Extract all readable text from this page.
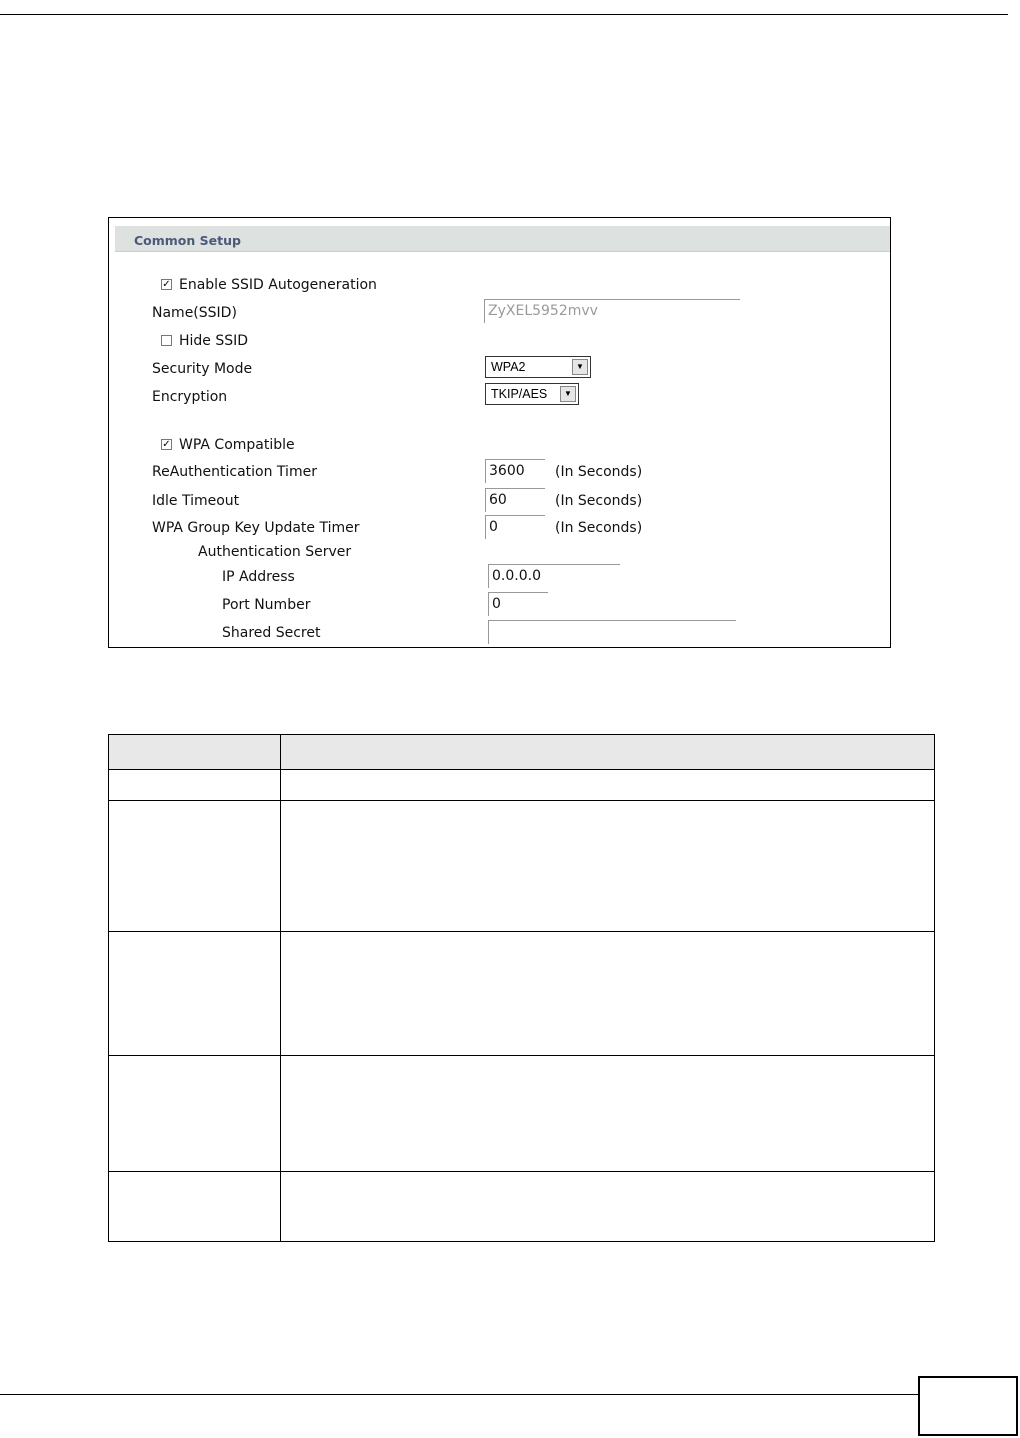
Common Setup
✓ Enable SSID Autogeneration
Name(SSID)	ZyXEL5952mvv
Hide SSID
Security Mode	WPA2	▼
Encryption	TKIP/AES	▼
✓ WPA Compatible
ReAuthentication Timer	3600	(In Seconds)
Idle Timeout	60	(In Seconds)
WPA Group Key Update Timer	0	(In Seconds)
Authentication Server
IP Address	0.0.0.0
Port Number	0
Shared Secret
